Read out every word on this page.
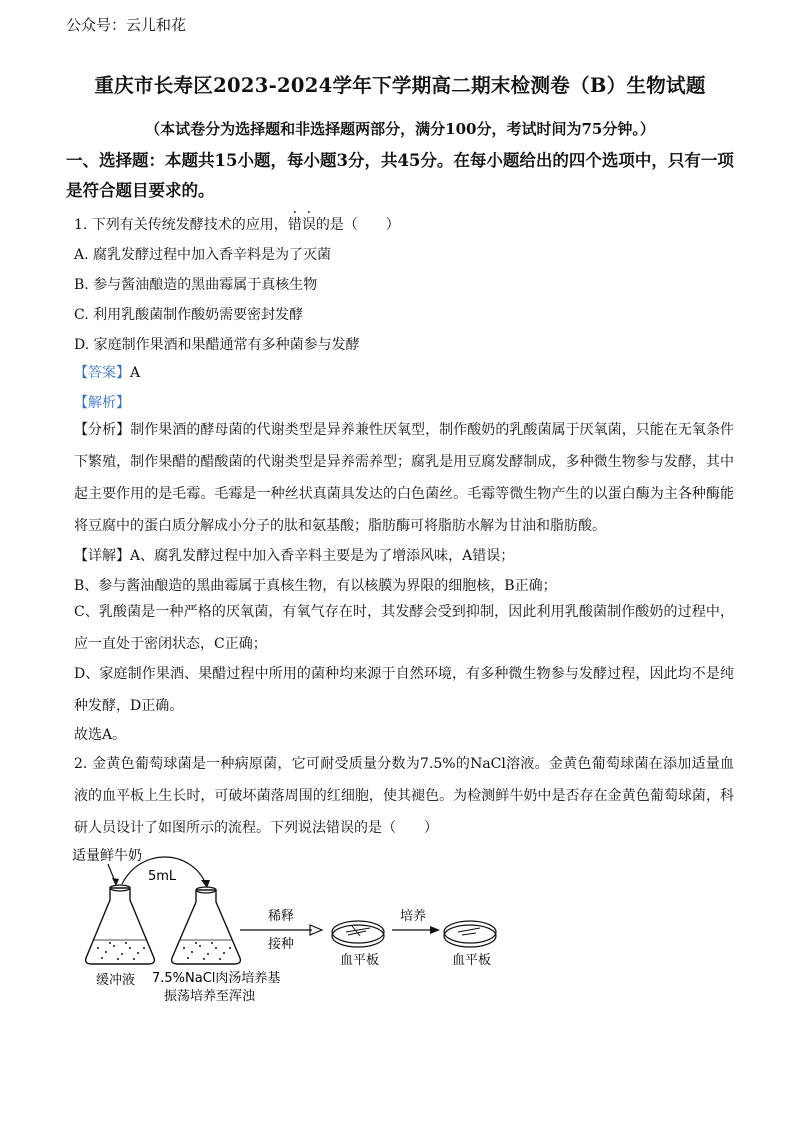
公众号：云儿和花
重庆市长寿区2023-2024学年下学期高二期末检测卷（B）生物试题
（本试卷分为选择题和非选择题两部分，满分100分，考试时间为75分钟。）
一、选择题：本题共15小题，每小题3分，共45分。在每小题给出的四个选项中，只有一项是符合题目要求的。
1. 下列有关传统发酵技术的应用，错误的是（　　）
A. 腐乳发酵过程中加入香辛料是为了灭菌
B. 参与酱油酿造的黑曲霉属于真核生物
C. 利用乳酸菌制作酸奶需要密封发酵
D. 家庭制作果酒和果醋通常有多种菌参与发酵
【答案】A
【解析】
【分析】制作果酒的酵母菌的代谢类型是异养兼性厌氧型，制作酸奶的乳酸菌属于厌氧菌，只能在无氧条件下繁殖，制作果醋的醋酸菌的代谢类型是异养需养型；腐乳是用豆腐发酵制成，多种微生物参与发酵，其中起主要作用的是毛霉。毛霉是一种丝状真菌具发达的白色菌丝。毛霉等微生物产生的以蛋白酶为主各种酶能将豆腐中的蛋白质分解成小分子的肽和氨基酸；脂肪酶可将脂肪水解为甘油和脂肪酸。
【详解】A、腐乳发酵过程中加入香辛料主要是为了增添风味，A错误；
B、参与酱油酿造的黑曲霉属于真核生物，有以核膜为界限的细胞核，B正确；
C、乳酸菌是一种严格的厌氧菌，有氧气存在时，其发酵会受到抑制，因此利用乳酸菌制作酸奶的过程中，应一直处于密闭状态，C正确；
D、家庭制作果酒、果醋过程中所用的菌种均来源于自然环境，有多种微生物参与发酵过程，因此均不是纯种发酵，D正确。
故选A。
2. 金黄色葡萄球菌是一种病原菌，它可耐受质量分数为7.5%的NaCl溶液。金黄色葡萄球菌在添加适量血液的血平板上生长时，可破坏菌落周围的红细胞，使其褪色。为检测鲜牛奶中是否存在金黄色葡萄球菌，科研人员设计了如图所示的流程。下列说法错误的是（　　）
适量鲜牛奶
5mL
缓冲液 7.5%NaCl肉汤培养基
振荡培养至浑浊
稀释
接种
血平板
培养
血平板
